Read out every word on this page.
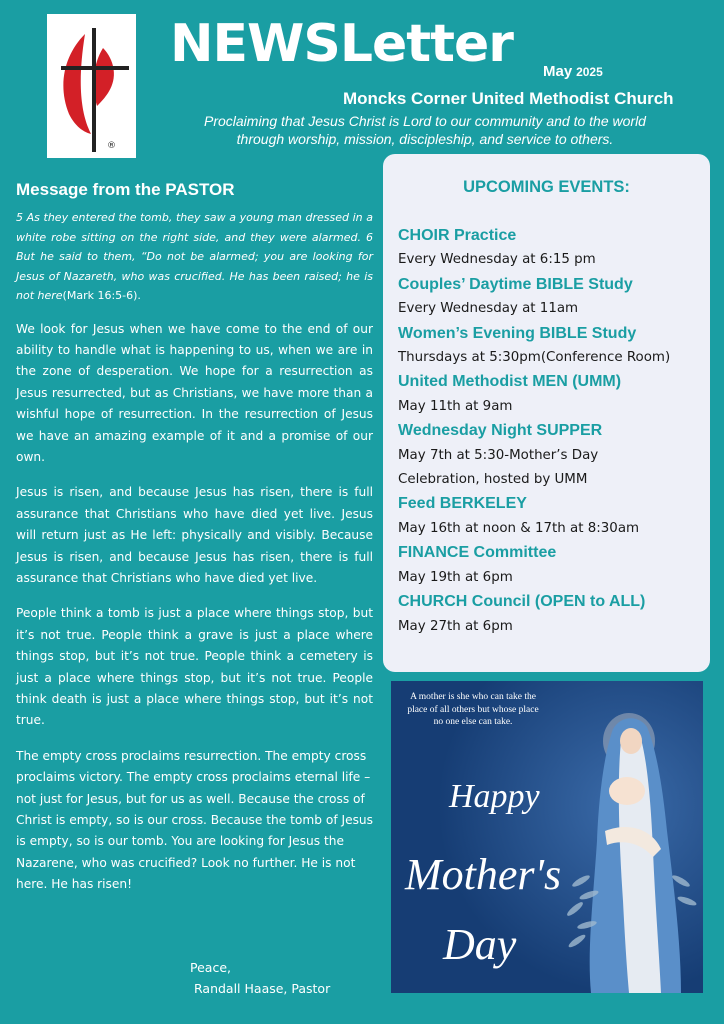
®
NEWSLetter May 2025
Moncks Corner United Methodist Church
Proclaiming that Jesus Christ is Lord to our community and to the world through worship, mission, discipleship, and service to others.
Message from the PASTOR

5 As they entered the tomb, they saw a young man dressed in a white robe sitting on the right side, and they were alarmed. 6 But he said to them, “Do not be alarmed; you are looking for Jesus of Nazareth, who was crucified. He has been raised; he is not here(Mark 16:5-6).

We look for Jesus when we have come to the end of our ability to handle what is happening to us, when we are in the zone of desperation. We hope for a resurrection as Jesus resurrected, but as Christians, we have more than a wishful hope of resurrection. In the resurrection of Jesus we have an amazing example of it and a promise of our own.

Jesus is risen, and because Jesus has risen, there is full assurance that Christians who have died yet live. Jesus will return just as He left: physically and visibly. Because Jesus is risen, and because Jesus has risen, there is full assurance that Christians who have died yet live.

People think a tomb is just a place where things stop, but it’s not true. People think a grave is just a place where things stop, but it’s not true. People think a cemetery is just a place where things stop, but it’s not true. People think death is just a place where things stop, but it’s not true.

The empty cross proclaims resurrection. The empty cross proclaims victory. The empty cross proclaims eternal life – not just for Jesus, but for us as well. Because the cross of Christ is empty, so is our cross. Because the tomb of Jesus is empty, so is our tomb. You are looking for Jesus the Nazarene, who was crucified? Look no further. He is not here. He has risen!

Peace,
Randall Haase, Pastor
UPCOMING EVENTS:
CHOIR Practice
Every Wednesday at 6:15 pm
Couples’ Daytime BIBLE Study
Every Wednesday at 11am
Women’s Evening BIBLE Study
Thursdays at 5:30pm(Conference Room)
United Methodist MEN (UMM)
May 11th at 9am
Wednesday Night SUPPER
May 7th at 5:30-Mother’s Day
Celebration, hosted by UMM
Feed BERKELEY
May 16th at noon & 17th at 8:30am
FINANCE Committee
May 19th at 6pm
CHURCH Council (OPEN to ALL)
May 27th at 6pm
Happy
Mother's
Day
A mother is she who can take the place of all others but whose place no one else can take.
